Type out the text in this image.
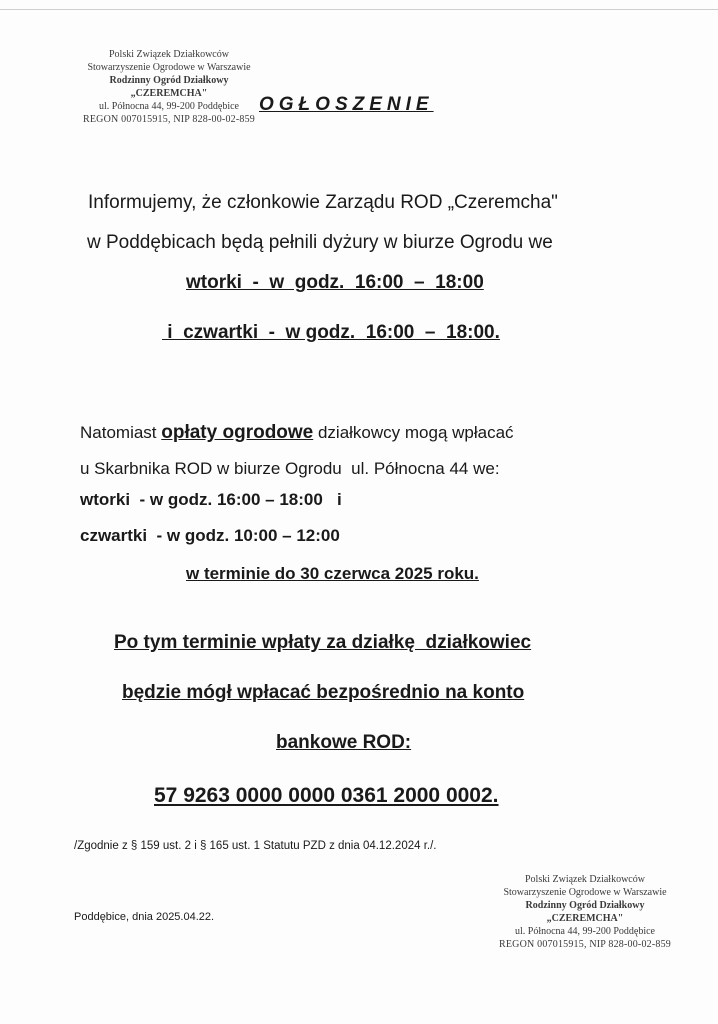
Polski Związek Działkowców
Stowarzyszenie Ogrodowe w Warszawie
Rodzinny Ogród Działkowy
„CZEREMCHA"
ul. Północna 44, 99-200 Poddębice
REGON 007015915, NIP 828-00-02-859
OGŁOSZENIE
Informujemy, że członkowie Zarządu ROD „Czeremcha"
w Poddębicach będą pełnili dyżury w biurze Ogrodu we
wtorki  -  w  godz.  16:00  –  18:00
i  czwartki  -  w godz.  16:00  –  18:00.
Natomiast opłaty ogrodowe działkowcy mogą wpłacać
u Skarbnika ROD w biurze Ogrodu  ul. Północna 44 we:
wtorki  - w godz. 16:00 – 18:00   i
czwartki  - w godz. 10:00 – 12:00
w terminie do 30 czerwca 2025 roku.
Po tym terminie wpłaty za działkę  działkowiec
będzie mógł wpłacać bezpośrednio na konto
bankowe ROD:
57 9263 0000 0000 0361 2000 0002.
/Zgodnie z § 159 ust. 2 i § 165 ust. 1 Statutu PZD z dnia 04.12.2024 r./.
Poddębice, dnia 2025.04.22.
Polski Związek Działkowców
Stowarzyszenie Ogrodowe w Warszawie
Rodzinny Ogród Działkowy
„CZEREMCHA"
ul. Północna 44, 99-200 Poddębice
REGON 007015915, NIP 828-00-02-859
